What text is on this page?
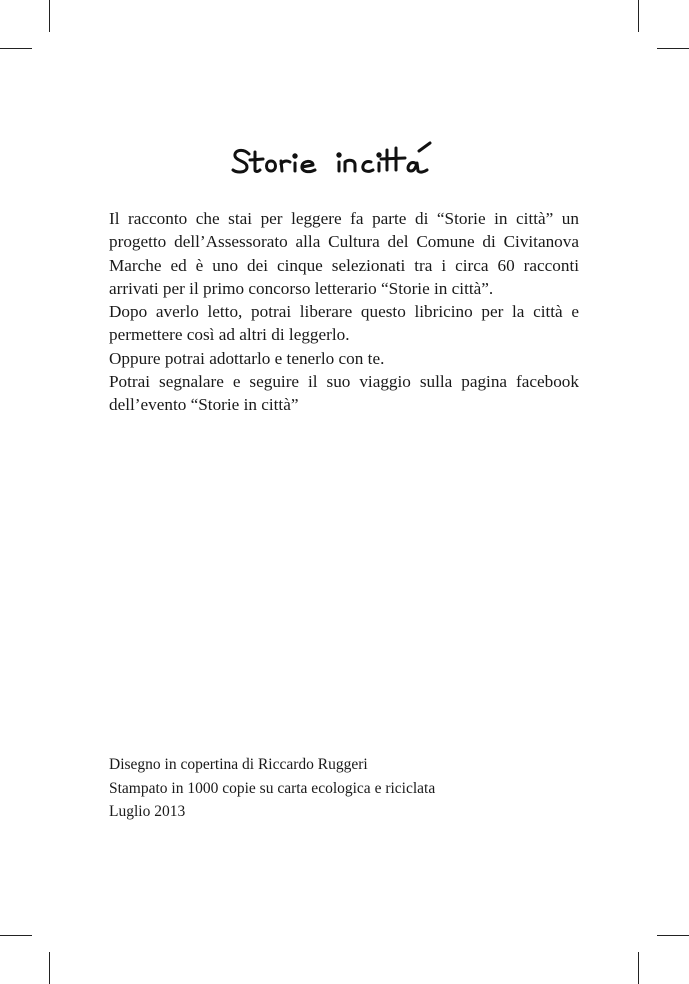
Il racconto che stai per leggere fa parte di “Storie in città” un progetto dell’Assessorato alla Cultura del Comune di Civitanova Marche ed è uno dei cinque selezionati tra i circa 60 racconti arrivati per il primo concorso letterario “Storie in città”.

Dopo averlo letto, potrai liberare questo libricino per la città e permettere così ad altri di leggerlo.

Oppure potrai adottarlo e tenerlo con te.

Potrai segnalare e seguire il suo viaggio sulla pagina facebook dell’evento “Storie in città”

Disegno in copertina di Riccardo Ruggeri

Stampato in 1000 copie su carta ecologica e riciclata

Luglio 2013
